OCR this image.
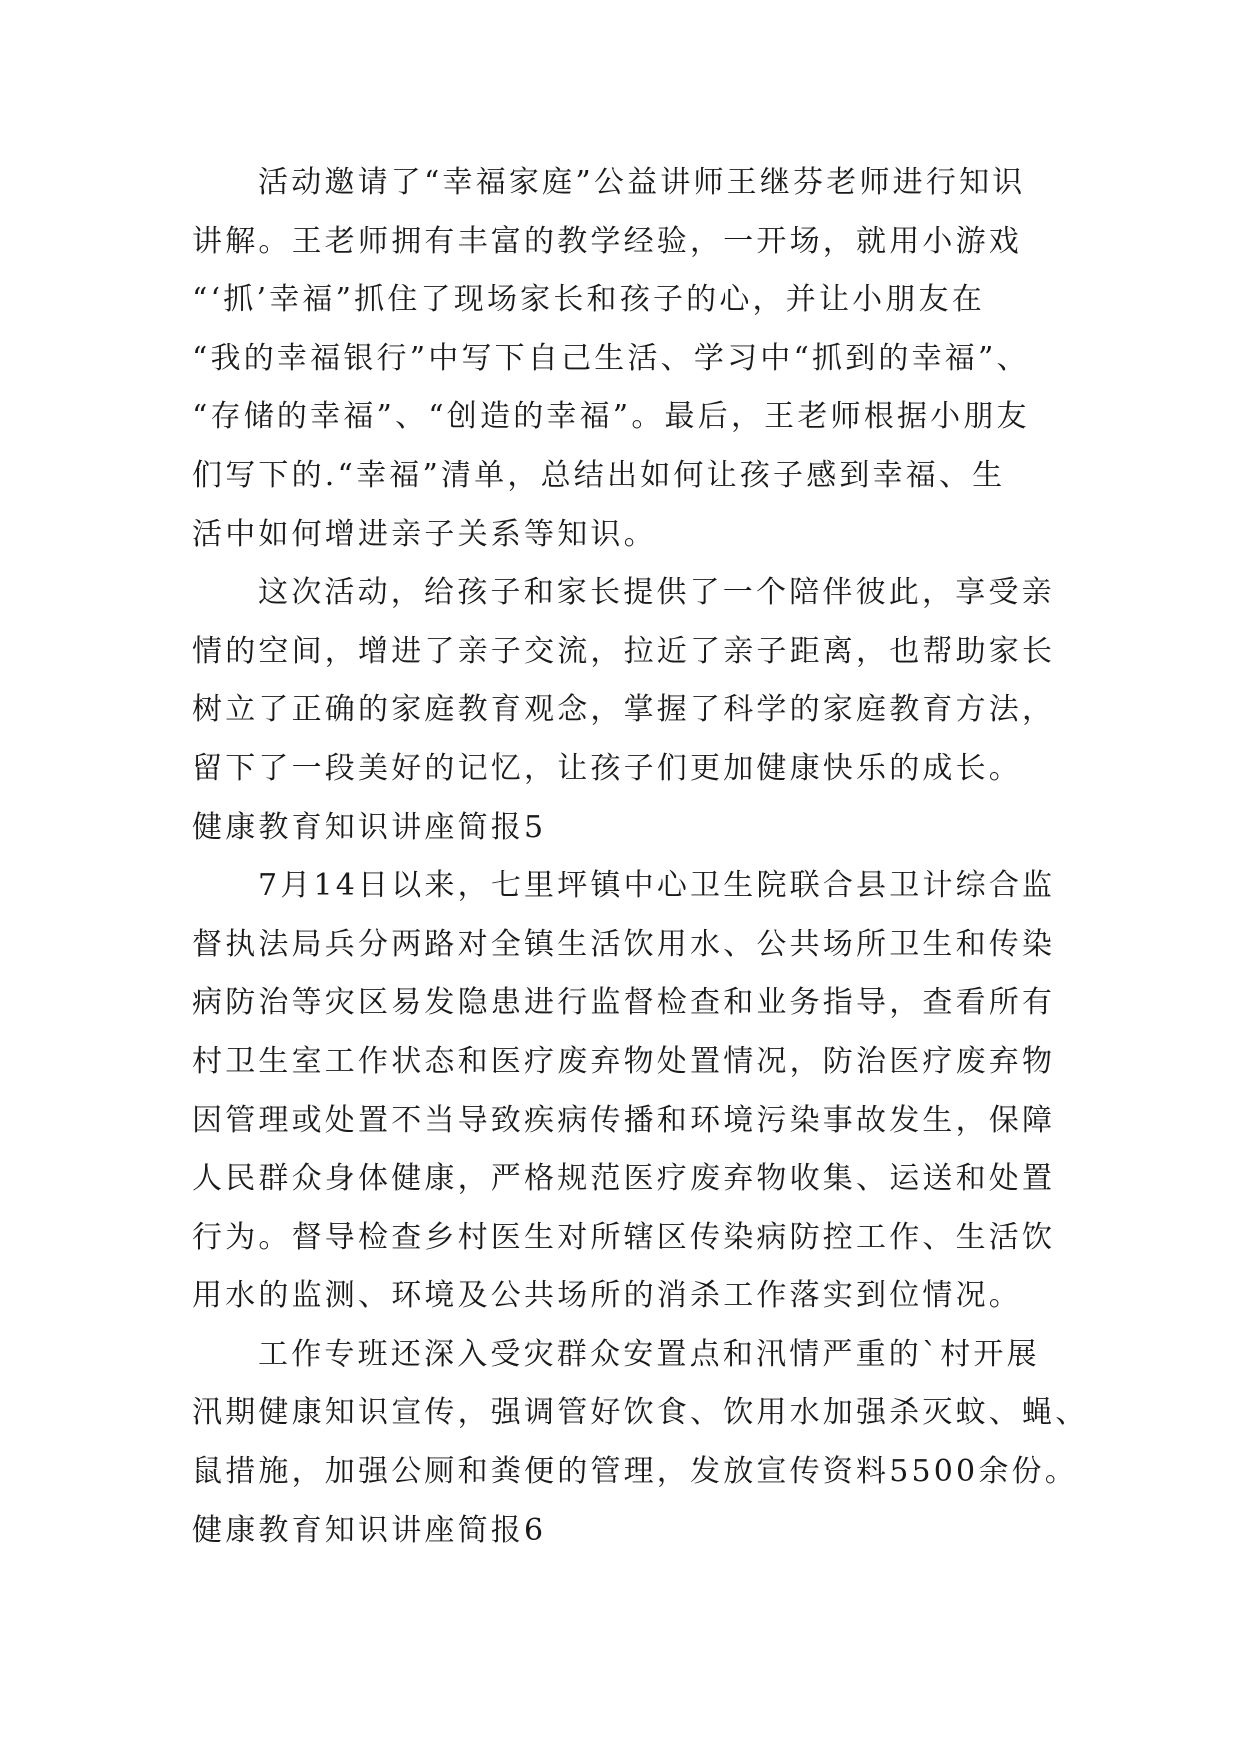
活动邀请了“幸福家庭”公益讲师王继芬老师进行知识
讲解。王老师拥有丰富的教学经验，一开场，就用小游戏
“‘抓’幸福”抓住了现场家长和孩子的心，并让小朋友在
“我的幸福银行”中写下自己生活、学习中“抓到的幸福”、
“存储的幸福”、“创造的幸福”。最后，王老师根据小朋友
们写下的.“幸福”清单，总结出如何让孩子感到幸福、生
活中如何增进亲子关系等知识。
这次活动，给孩子和家长提供了一个陪伴彼此，享受亲
情的空间，增进了亲子交流，拉近了亲子距离，也帮助家长
树立了正确的家庭教育观念，掌握了科学的家庭教育方法，
留下了一段美好的记忆，让孩子们更加健康快乐的成长。
健康教育知识讲座简报5
7月14日以来，七里坪镇中心卫生院联合县卫计综合监
督执法局兵分两路对全镇生活饮用水、公共场所卫生和传染
病防治等灾区易发隐患进行监督检查和业务指导，查看所有
村卫生室工作状态和医疗废弃物处置情况，防治医疗废弃物
因管理或处置不当导致疾病传播和环境污染事故发生，保障
人民群众身体健康，严格规范医疗废弃物收集、运送和处置
行为。督导检查乡村医生对所辖区传染病防控工作、生活饮
用水的监测、环境及公共场所的消杀工作落实到位情况。
工作专班还深入受灾群众安置点和汛情严重的`村开展
汛期健康知识宣传，强调管好饮食、饮用水加强杀灭蚊、蝇、
鼠措施，加强公厕和粪便的管理，发放宣传资料5500余份。
健康教育知识讲座简报6
